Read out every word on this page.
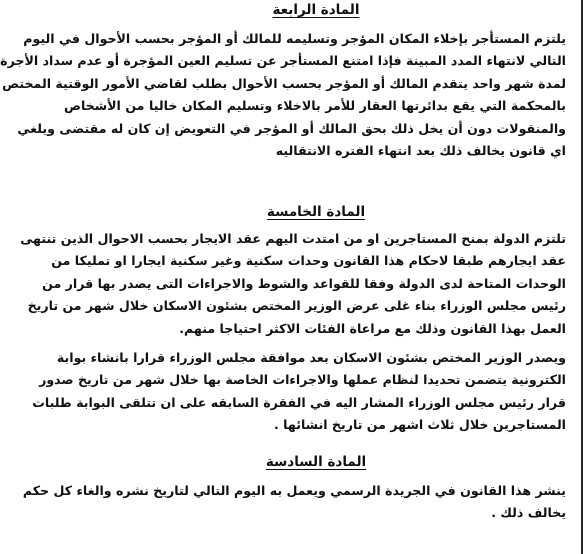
المادة الرابعة
يلتزم المستأجر بإخلاء المكان المؤجر وتسليمه للمالك أو المؤجر بحسب الأحوال في اليوم
التالي لانتهاء المدد المبينة فإذا امتنع المستأجر عن تسليم العين المؤجرة أو عدم سداد الأجرة
لمدة شهر واحد يتقدم المالك أو المؤجر بحسب الأحوال بطلب لقاضي الأمور الوقتية المختص
بالمحكمة التي يقع بدائرتها العقار للأمر بالاخلاء وتسليم المكان خاليا من الأشخاص
والمنقولات دون أن يخل ذلك بحق المالك أو المؤجر في التعويض إن كان له مقتضى ويلغي
اي قانون يخالف ذلك بعد انتهاء الفتره الانتقاليه
المادة الخامسة
تلتزم الدولة بمنح المستاجرين او من امتدت اليهم عقد الايجار بحسب الاحوال الذين تنتهى
عقد ايجارهم طبقا لاحكام هذا القانون وحدات سكنية وغير سكنية ايجارا او تمليكا من
الوحدات المتاحة لدى الدولة وفقا للقواعد والشوط والاجراءات التى يصدر بها قرار من
رئيس مجلس الوزراء بناء غلى عرض الوزير المختص بشئون الاسكان خلال شهر من تاريخ
العمل بهذا القانون وذلك مع مراعاة الفئات الاكثر احتياجا منهم.
ويصدر الوزير المختص بشئون الاسكان بعد موافقة مجلس الوزراء قرارا بانشاء بوابة
الكترونية يتضمن تحديدا لنظام عملها والاجراءات الخاصة بها خلال شهر من تاريخ صدور
قرار رئيس مجلس الوزراء المشار اليه في الفقرة السابقه على ان تتلقى البوابة طلبات
المستاجرين خلال ثلاث اشهر من تاريخ انشائها .
المادة السادسة
ينشر هذا القانون في الجريدة الرسمي ويعمل به اليوم التالي لتاريخ نشره والغاء كل حكم
يخالف ذلك .
